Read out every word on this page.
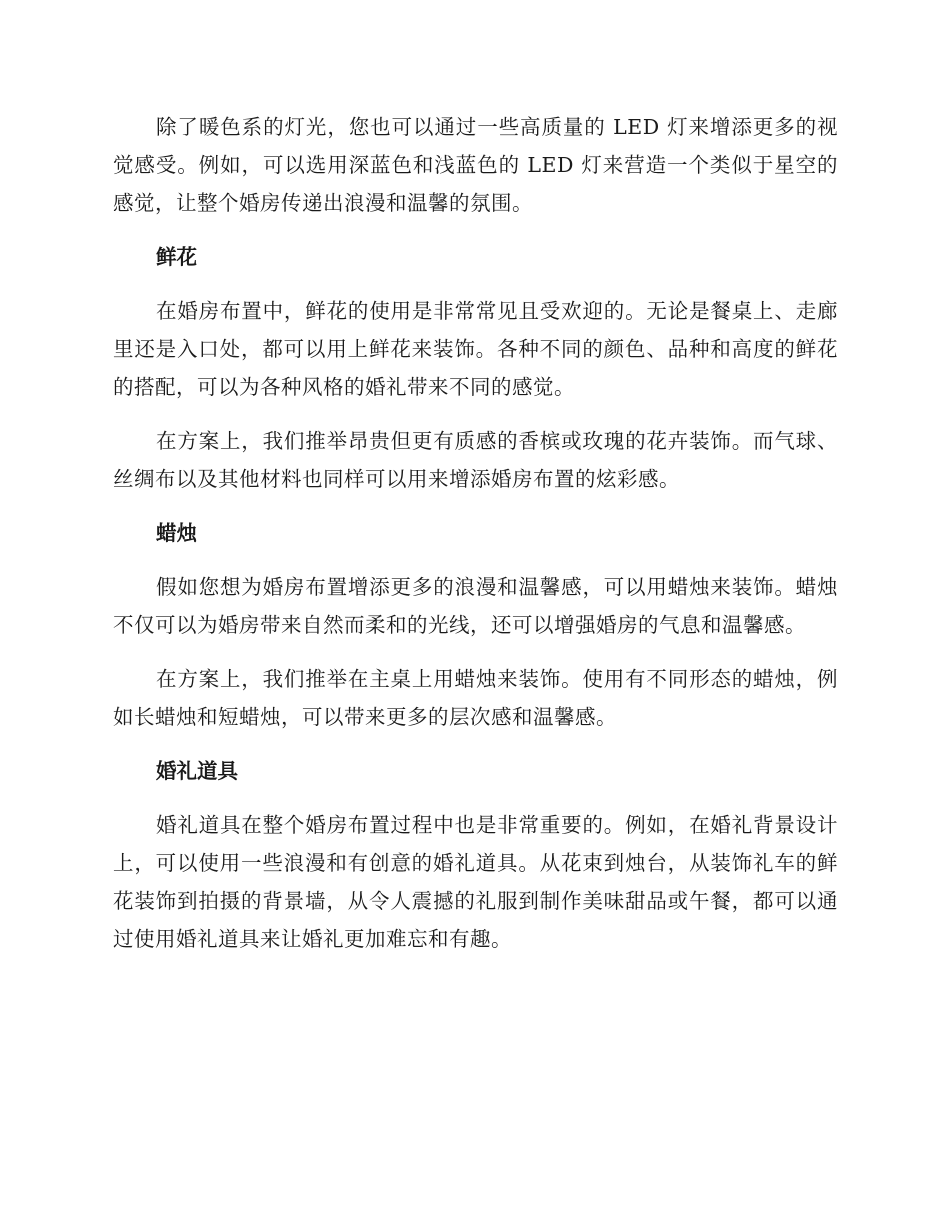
除了暖色系的灯光，您也可以通过一些高质量的 LED 灯来增添更多的视觉感受。例如，可以选用深蓝色和浅蓝色的 LED 灯来营造一个类似于星空的感觉，让整个婚房传递出浪漫和温馨的氛围。

鲜花

在婚房布置中，鲜花的使用是非常常见且受欢迎的。无论是餐桌上、走廊里还是入口处，都可以用上鲜花来装饰。各种不同的颜色、品种和高度的鲜花的搭配，可以为各种风格的婚礼带来不同的感觉。

在方案上，我们推举昂贵但更有质感的香槟或玫瑰的花卉装饰。而气球、丝绸布以及其他材料也同样可以用来增添婚房布置的炫彩感。

蜡烛

假如您想为婚房布置增添更多的浪漫和温馨感，可以用蜡烛来装饰。蜡烛不仅可以为婚房带来自然而柔和的光线，还可以增强婚房的气息和温馨感。

在方案上，我们推举在主桌上用蜡烛来装饰。使用有不同形态的蜡烛，例如长蜡烛和短蜡烛，可以带来更多的层次感和温馨感。

婚礼道具

婚礼道具在整个婚房布置过程中也是非常重要的。例如，在婚礼背景设计上，可以使用一些浪漫和有创意的婚礼道具。从花束到烛台，从装饰礼车的鲜花装饰到拍摄的背景墙，从令人震撼的礼服到制作美味甜品或午餐，都可以通过使用婚礼道具来让婚礼更加难忘和有趣。
